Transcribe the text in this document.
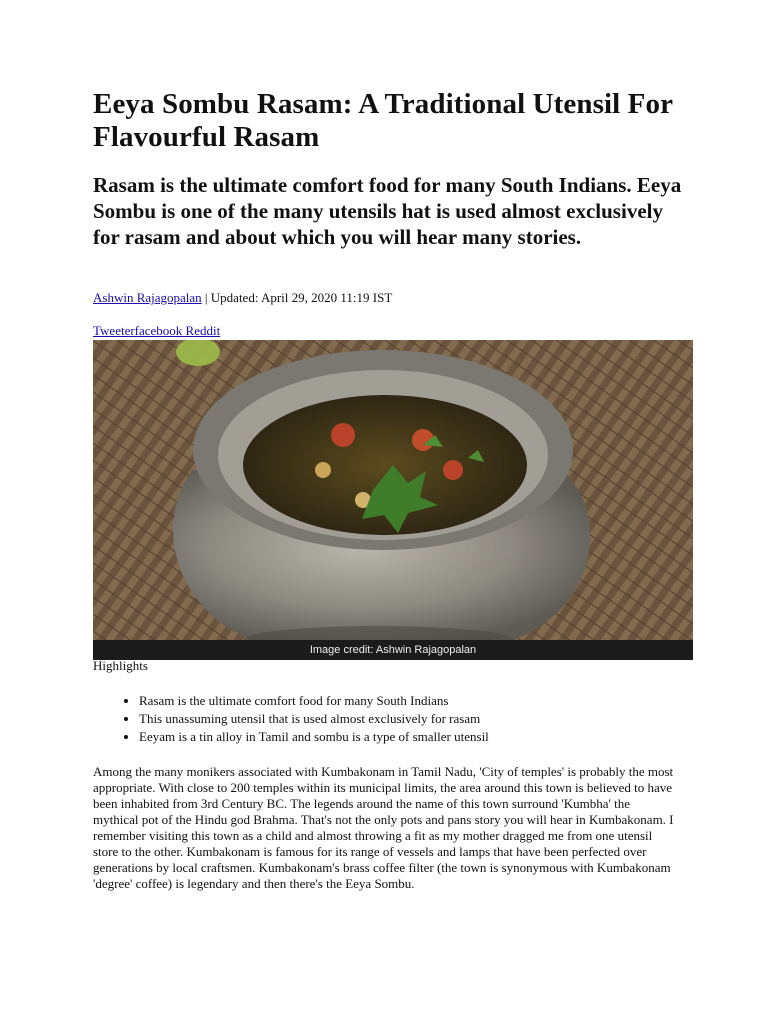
Eeya Sombu Rasam: A Traditional Utensil For Flavourful Rasam
Rasam is the ultimate comfort food for many South Indians. Eeya Sombu is one of the many utensils hat is used almost exclusively for rasam and about which you will hear many stories.
Ashwin Rajagopalan | Updated: April 29, 2020 11:19 IST
Tweeterfacebook Reddit
Image credit: Ashwin Rajagopalan
Highlights
• Rasam is the ultimate comfort food for many South Indians
• This unassuming utensil that is used almost exclusively for rasam
• Eeyam is a tin alloy in Tamil and sombu is a type of smaller utensil

Among the many monikers associated with Kumbakonam in Tamil Nadu, 'City of temples' is probably the most appropriate. With close to 200 temples within its municipal limits, the area around this town is believed to have been inhabited from 3rd Century BC. The legends around the name of this town surround 'Kumbha' the mythical pot of the Hindu god Brahma. That's not the only pots and pans story you will hear in Kumbakonam. I remember visiting this town as a child and almost throwing a fit as my mother dragged me from one utensil store to the other. Kumbakonam is famous for its range of vessels and lamps that have been perfected over generations by local craftsmen. Kumbakonam's brass coffee filter (the town is synonymous with Kumbakonam 'degree' coffee) is legendary and then there's the Eeya Sombu.
